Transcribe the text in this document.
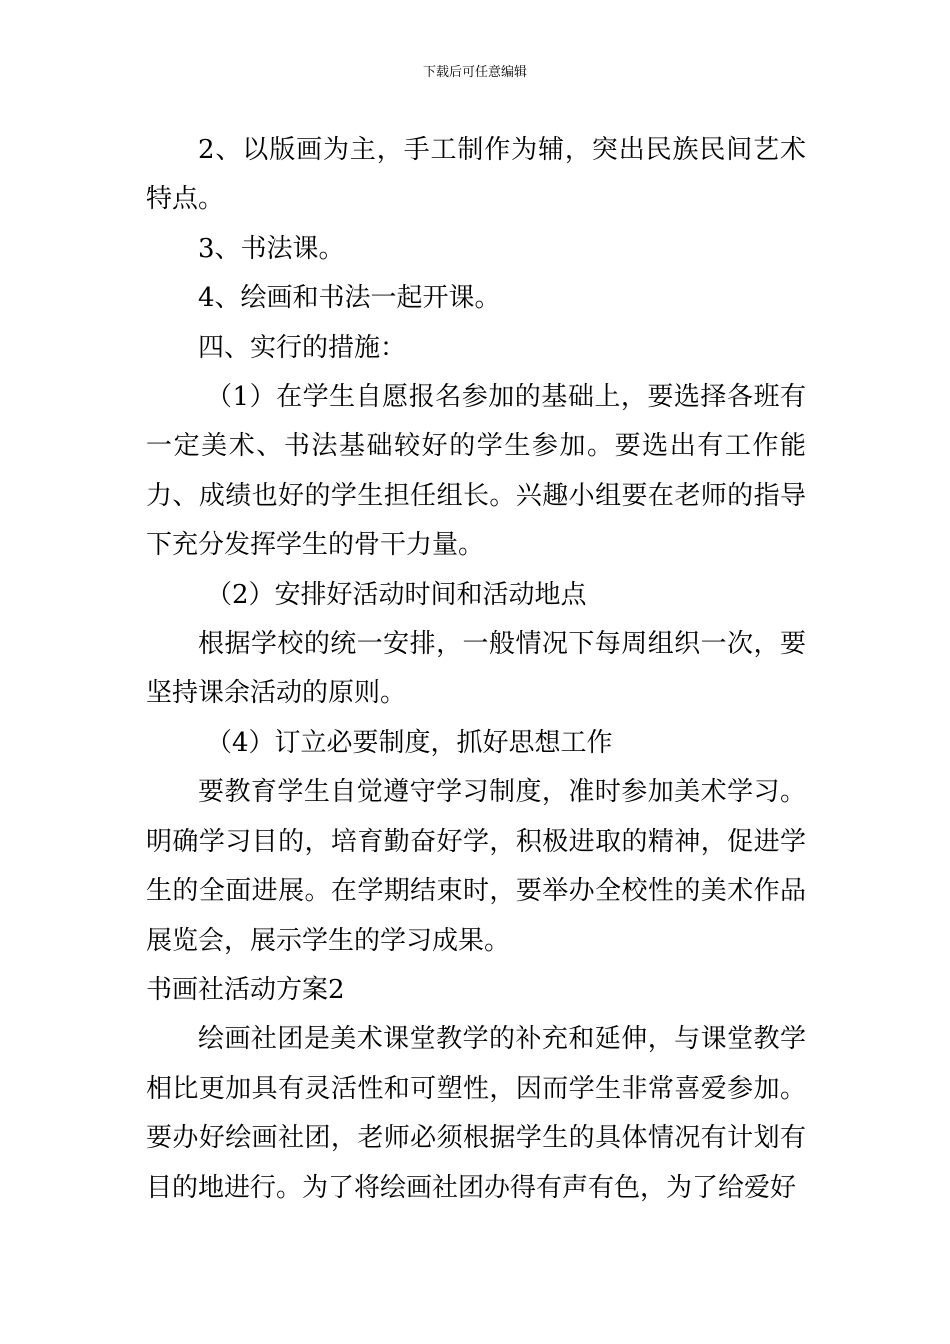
下载后可任意编辑

2、以版画为主，手工制作为辅，突出民族民间艺术特点。

3、书法课。

4、绘画和书法一起开课。

四、实行的措施：

（1）在学生自愿报名参加的基础上，要选择各班有一定美术、书法基础较好的学生参加。要选出有工作能力、成绩也好的学生担任组长。兴趣小组要在老师的指导下充分发挥学生的骨干力量。

（2）安排好活动时间和活动地点

根据学校的统一安排，一般情况下每周组织一次，要坚持课余活动的原则。

（4）订立必要制度，抓好思想工作

要教育学生自觉遵守学习制度，准时参加美术学习。明确学习目的，培育勤奋好学，积极进取的精神，促进学生的全面进展。在学期结束时，要举办全校性的美术作品展览会，展示学生的学习成果。

书画社活动方案2

绘画社团是美术课堂教学的补充和延伸，与课堂教学相比更加具有灵活性和可塑性，因而学生非常喜爱参加。要办好绘画社团，老师必须根据学生的具体情况有计划有目的地进行。为了将绘画社团办得有声有色，为了给爱好
